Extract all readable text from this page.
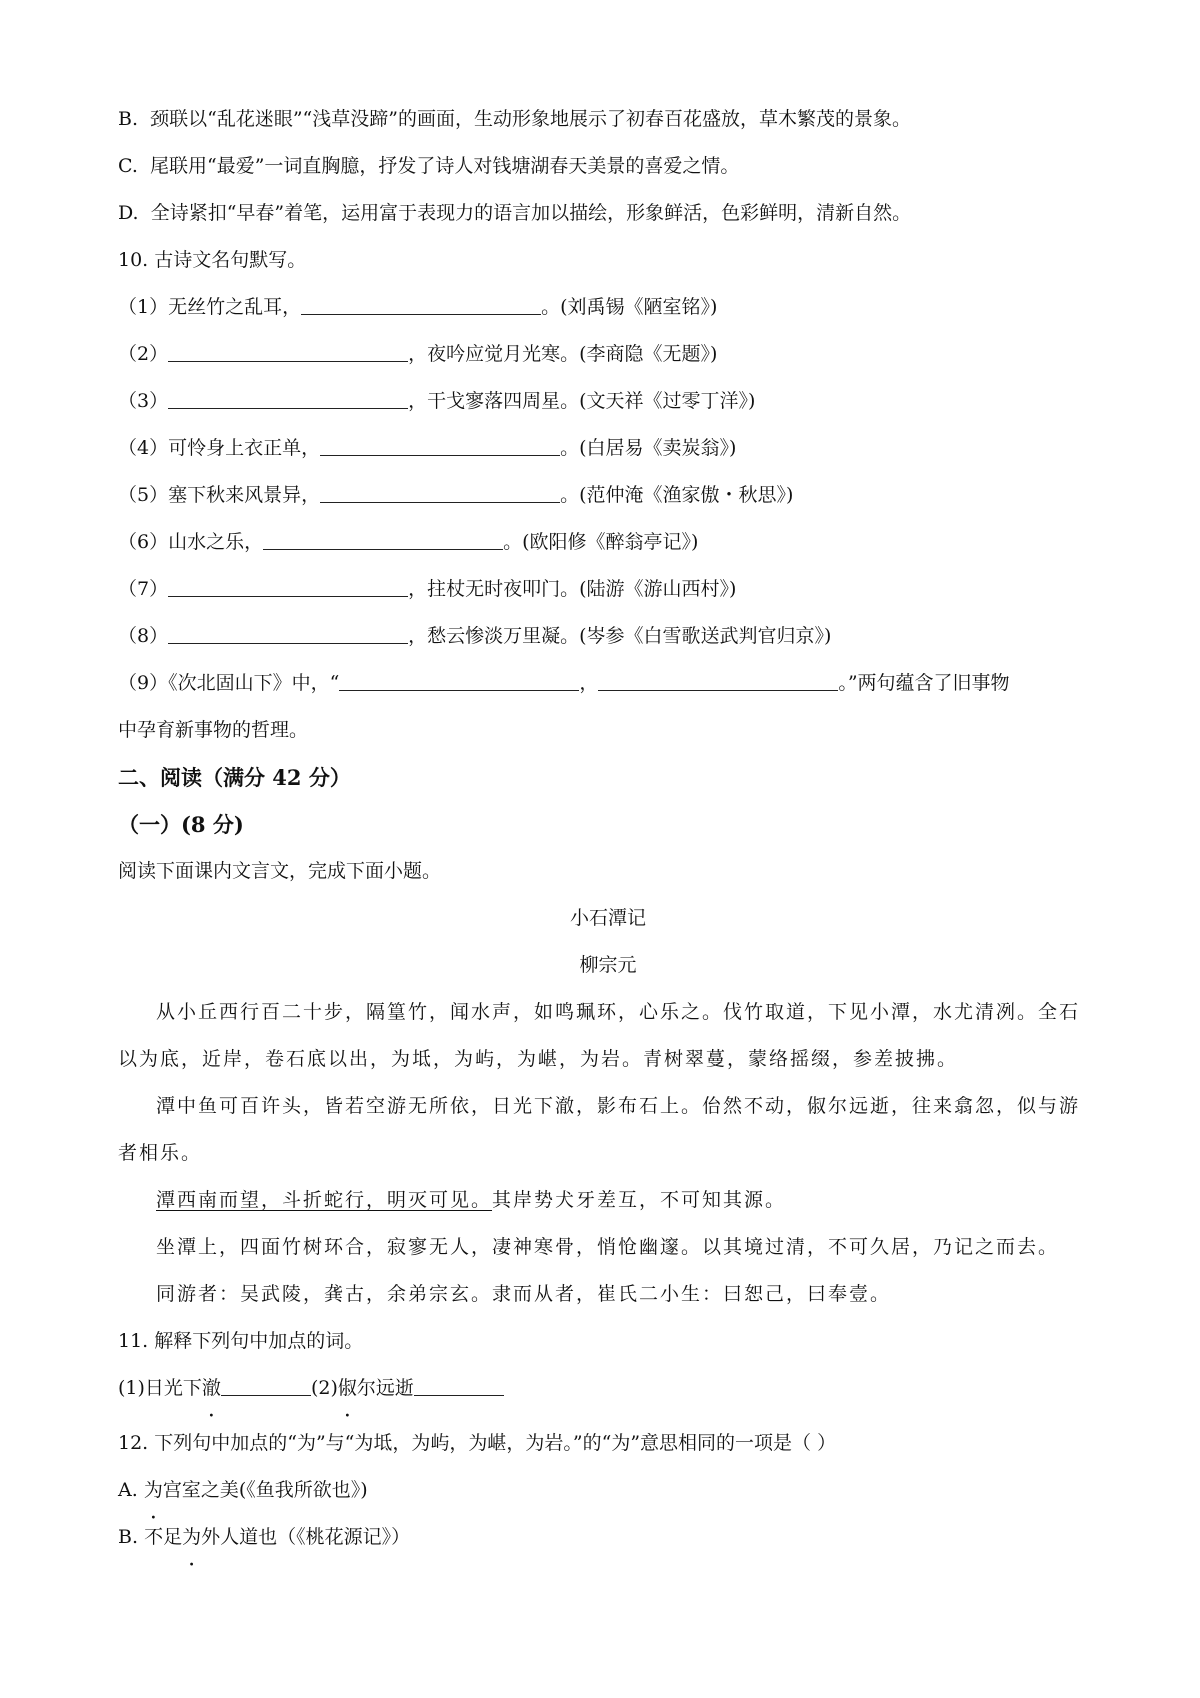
B. 颈联以“乱花迷眼”“浅草没蹄”的画面，生动形象地展示了初春百花盛放，草木繁茂的景象。
C. 尾联用“最爱”一词直胸臆，抒发了诗人对钱塘湖春天美景的喜爱之情。
D. 全诗紧扣“早春”着笔，运用富于表现力的语言加以描绘，形象鲜活，色彩鲜明，清新自然。
10. 古诗文名句默写。
（1）无丝竹之乱耳，	。(刘禹锡《陋室铭》)
（2）	，夜吟应觉月光寒。(李商隐《无题》)
（3）	，干戈寥落四周星。(文天祥《过零丁洋》)
（4）可怜身上衣正单，	。(白居易《卖炭翁》)
（5）塞下秋来风景异，	。(范仲淹《渔家傲・秋思》)
（6）山水之乐，	。(欧阳修《醉翁亭记》)
（7）	，拄杖无时夜叩门。(陆游《游山西村》)
（8）	，愁云惨淡万里凝。(岑参《白雪歌送武判官归京》)
（9）《次北固山下》中，“	，	。”两句蕴含了旧事物
中孕育新事物的哲理。
二、阅读（满分 42 分）
（一）(8 分)
阅读下面课内文言文，完成下面小题。
小石潭记
柳宗元
从小丘西行百二十步，隔篁竹，闻水声，如鸣珮环，心乐之。伐竹取道，下见小潭，水尤清冽。全石
以为底，近岸，卷石底以出，为坻，为屿，为嵁，为岩。青树翠蔓，蒙络摇缀，参差披拂。
潭中鱼可百许头，皆若空游无所依，日光下澈，影布石上。佁然不动，俶尔远逝，往来翕忽，似与游
者相乐。
潭西南而望，斗折蛇行，明灭可见。其岸势犬牙差互，不可知其源。
坐潭上，四面竹树环合，寂寥无人，凄神寒骨，悄怆幽邃。以其境过清，不可久居，乃记之而去。
同游者：吴武陵，龚古，余弟宗玄。隶而从者，崔氏二小生：曰恕己，曰奉壹。
11. 解释下列句中加点的词。
(1)日光下澈	(2)俶尔远逝
12. 下列句中加点的“为”与“为坻，为屿，为嵁，为岩。”的“为”意思相同的一项是（ ）
A. 为宫室之美(《鱼我所欲也》)
B. 不足为外人道也（《桃花源记》）
